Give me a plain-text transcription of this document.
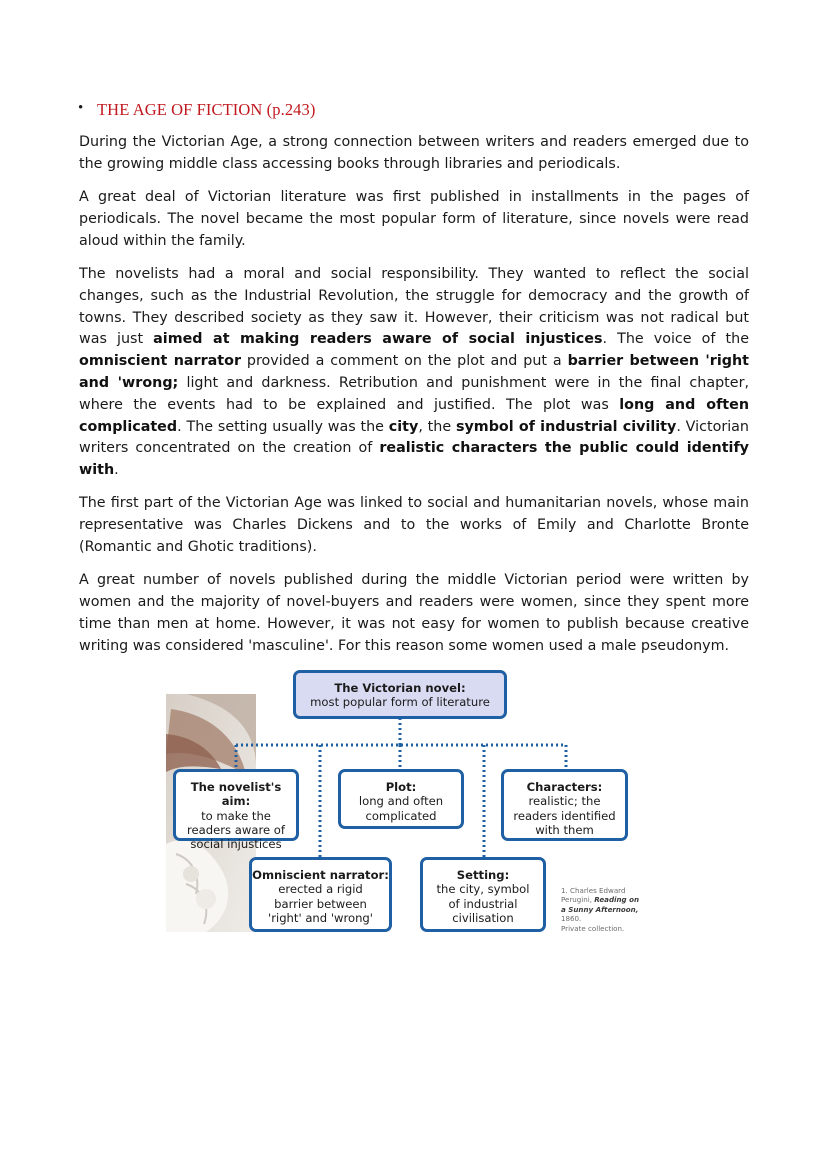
• THE AGE OF FICTION (p.243)

During the Victorian Age, a strong connection between writers and readers emerged due to the growing middle class accessing books through libraries and periodicals.

A great deal of Victorian literature was first published in installments in the pages of periodicals. The novel became the most popular form of literature, since novels were read aloud within the family.

The novelists had a moral and social responsibility. They wanted to reflect the social changes, such as the Industrial Revolution, the struggle for democracy and the growth of towns. They described society as they saw it. However, their criticism was not radical but was just aimed at making readers aware of social injustices. The voice of the omniscient narrator provided a comment on the plot and put a barrier between 'right and 'wrong; light and darkness. Retribution and punishment were in the final chapter, where the events had to be explained and justified. The plot was long and often complicated. The setting usually was the city, the symbol of industrial civility. Victorian writers concentrated on the creation of realistic characters the public could identify with.

The first part of the Victorian Age was linked to social and humanitarian novels, whose main representative was Charles Dickens and to the works of Emily and Charlotte Bronte (Romantic and Ghotic traditions).

A great number of novels published during the middle Victorian period were written by women and the majority of novel-buyers and readers were women, since they spent more time than men at home. However, it was not easy for women to publish because creative writing was considered 'masculine'. For this reason some women used a male pseudonym.

The Victorian novel:
most popular form of literature
The novelist's aim:
to make the
readers aware of
social injustices
Plot:
long and often
complicated
Characters:
realistic; the
readers identified
with them
Omniscient narrator:
erected a rigid
barrier between
'right' and 'wrong'
Setting:
the city, symbol
of industrial
civilisation
1. Charles Edward
Perugini, Reading on a Sunny Afternoon, 1860.
Private collection.
